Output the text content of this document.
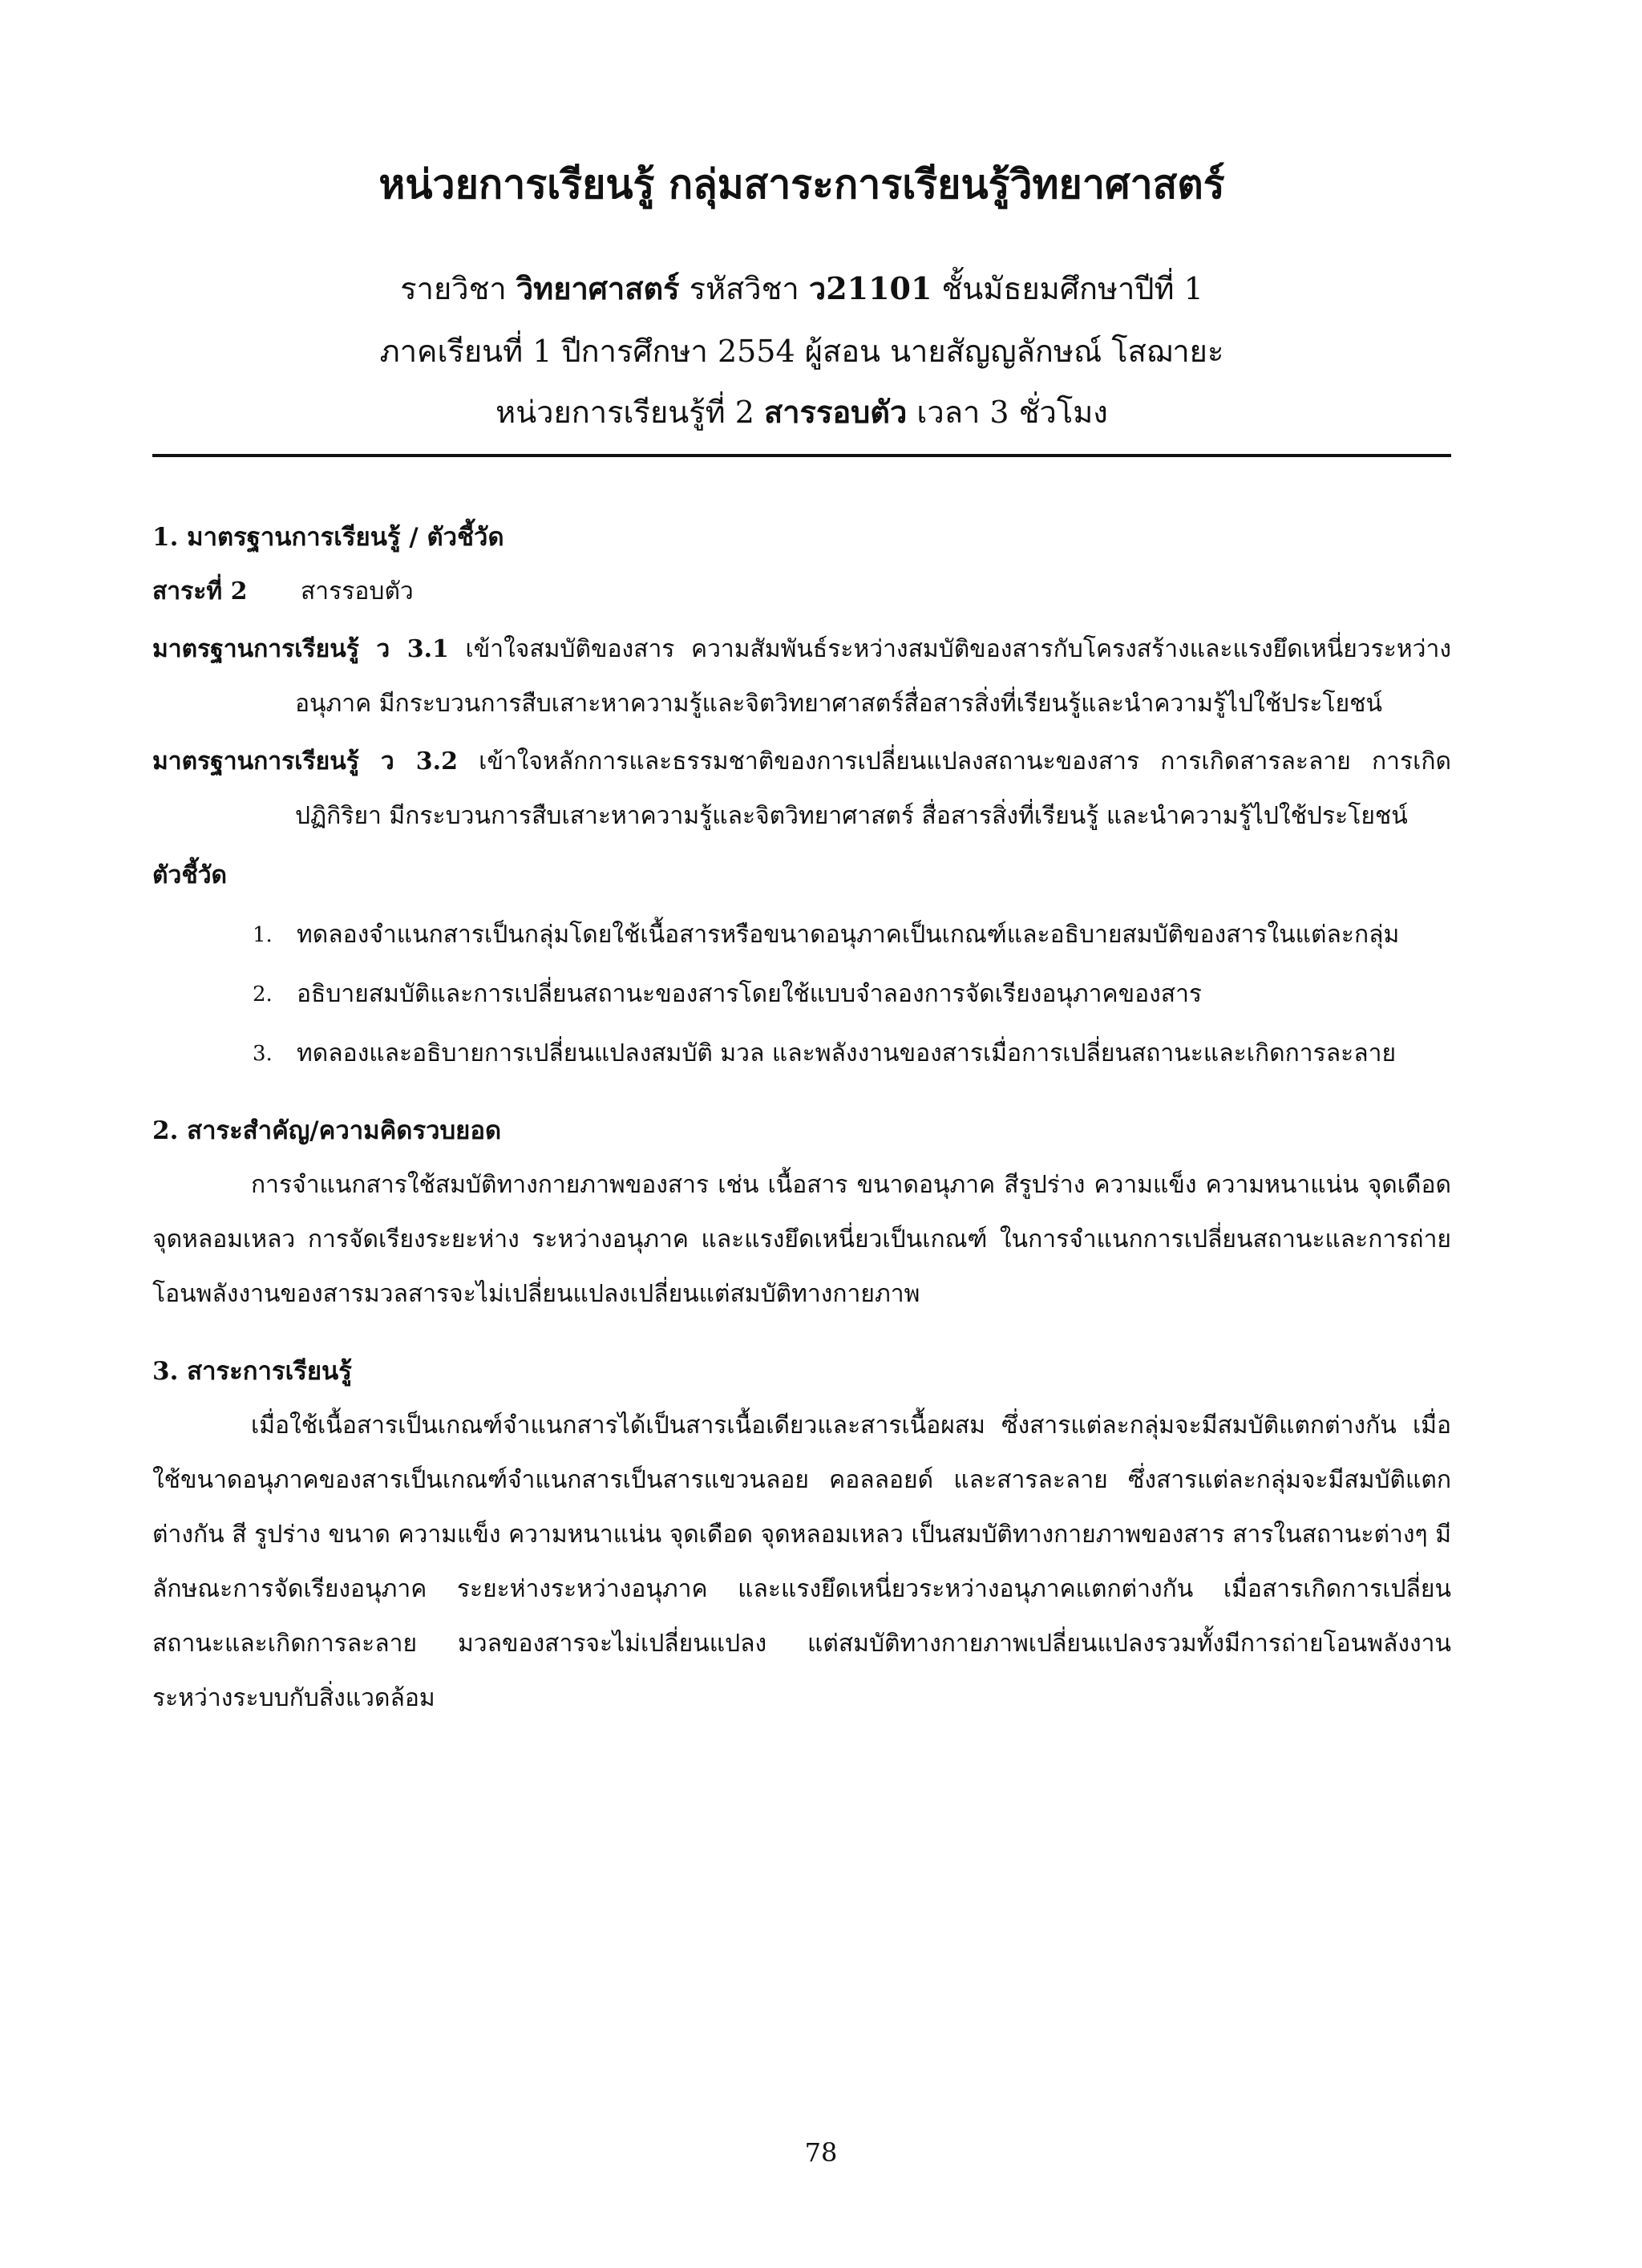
หน่วยการเรียนรู้ กลุ่มสาระการเรียนรู้วิทยาศาสตร์

รายวิชา วิทยาศาสตร์ รหัสวิชา ว21101 ชั้นมัธยมศึกษาปีที่ 1

ภาคเรียนที่ 1 ปีการศึกษา 2554 ผู้สอน นายสัญญลักษณ์ โสฌายะ

หน่วยการเรียนรู้ที่ 2 สารรอบตัว เวลา 3 ชั่วโมง

1. มาตรฐานการเรียนรู้ / ตัวชี้วัด

สาระที่ 2	สารรอบตัว

มาตรฐานการเรียนรู้ ว 3.1 เข้าใจสมบัติของสาร ความสัมพันธ์ระหว่างสมบัติของสารกับโครงสร้างและแรงยึดเหนี่ยวระหว่างอนุภาค มีกระบวนการสืบเสาะหาความรู้และจิตวิทยาศาสตร์สื่อสารสิ่งที่เรียนรู้และนำความรู้ไปใช้ประโยชน์

มาตรฐานการเรียนรู้ ว 3.2 เข้าใจหลักการและธรรมชาติของการเปลี่ยนแปลงสถานะของสาร การเกิดสารละลาย การเกิดปฏิกิริยา มีกระบวนการสืบเสาะหาความรู้และจิตวิทยาศาสตร์ สื่อสารสิ่งที่เรียนรู้ และนำความรู้ไปใช้ประโยชน์

ตัวชี้วัด

1.	ทดลองจำแนกสารเป็นกลุ่มโดยใช้เนื้อสารหรือขนาดอนุภาคเป็นเกณฑ์และอธิบายสมบัติของสารในแต่ละกลุ่ม
2.	อธิบายสมบัติและการเปลี่ยนสถานะของสารโดยใช้แบบจำลองการจัดเรียงอนุภาคของสาร
3.	ทดลองและอธิบายการเปลี่ยนแปลงสมบัติ มวล และพลังงานของสารเมื่อการเปลี่ยนสถานะและเกิดการละลาย

2. สาระสำคัญ/ความคิดรวบยอด

การจำแนกสารใช้สมบัติทางกายภาพของสาร เช่น เนื้อสาร ขนาดอนุภาค สีรูปร่าง ความแข็ง ความหนาแน่น จุดเดือด จุดหลอมเหลว การจัดเรียงระยะห่าง ระหว่างอนุภาค และแรงยึดเหนี่ยวเป็นเกณฑ์ ในการจำแนกการเปลี่ยนสถานะและการถ่ายโอนพลังงานของสารมวลสารจะไม่เปลี่ยนแปลงเปลี่ยนแต่สมบัติทางกายภาพ

3. สาระการเรียนรู้

เมื่อใช้เนื้อสารเป็นเกณฑ์จำแนกสารได้เป็นสารเนื้อเดียวและสารเนื้อผสม ซึ่งสารแต่ละกลุ่มจะมีสมบัติแตกต่างกัน เมื่อใช้ขนาดอนุภาคของสารเป็นเกณฑ์จำแนกสารเป็นสารแขวนลอย คอลลอยด์ และสารละลาย ซึ่งสารแต่ละกลุ่มจะมีสมบัติแตกต่างกัน สี รูปร่าง ขนาด ความแข็ง ความหนาแน่น จุดเดือด จุดหลอมเหลว เป็นสมบัติทางกายภาพของสาร สารในสถานะต่างๆ มีลักษณะการจัดเรียงอนุภาค ระยะห่างระหว่างอนุภาค และแรงยึดเหนี่ยวระหว่างอนุภาคแตกต่างกัน เมื่อสารเกิดการเปลี่ยนสถานะและเกิดการละลาย มวลของสารจะไม่เปลี่ยนแปลง แต่สมบัติทางกายภาพเปลี่ยนแปลงรวมทั้งมีการถ่ายโอนพลังงานระหว่างระบบกับสิ่งแวดล้อม

78
